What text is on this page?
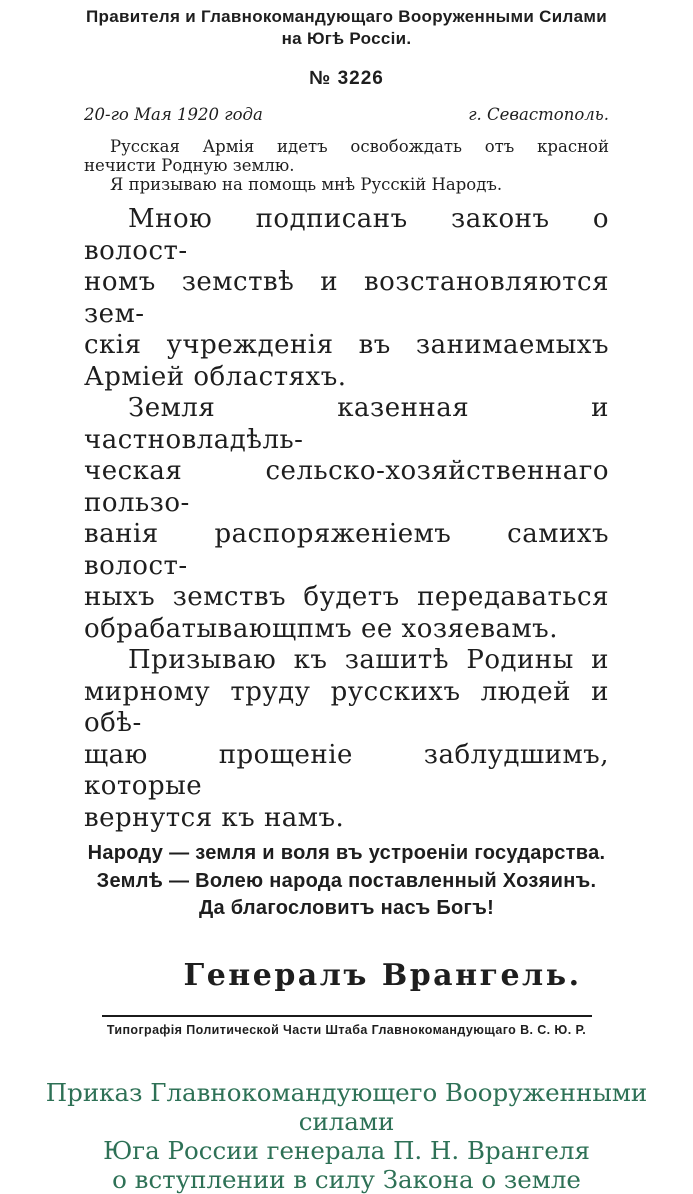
Правителя и Главнокомандующаго Вооруженными Силами
на Югѣ Россіи.
№ 3226
20-го Мая 1920 года	г. Севастополь.
Русская Армія идетъ освобождать отъ красной
нечисти Родную землю.
Я призываю на помощь мнѣ Русскій Народъ.
Мною подписанъ законъ о волост-
номъ земствѣ и возстановляются зем-
скія учрежденія въ занимаемыхъ
Арміей областяхъ.
Земля казенная и частновладѣль-
ческая сельско-хозяйственнаго пользо-
ванія распоряженіемъ самихъ волост-
ныхъ земствъ будетъ передаваться
обрабатывающпмъ ее хозяевамъ.
Призываю къ зашитѣ Родины и
мирному труду русскихъ людей и обѣ-
щаю прощеніе заблудшимъ, которые
вернутся къ намъ.
Народу — земля и воля въ устроеніи государства.
Землѣ — Волею народа поставленный Хозяинъ.
Да благословитъ насъ Богъ!
Генералъ Врангель.
Типографія Политической Части Штаба Главнокомандующаго В. С. Ю. Р.
Приказ Главнокомандующего Вооруженными силами
Юга России генерала П. Н. Врангеля
о вступлении в силу Закона о земле
